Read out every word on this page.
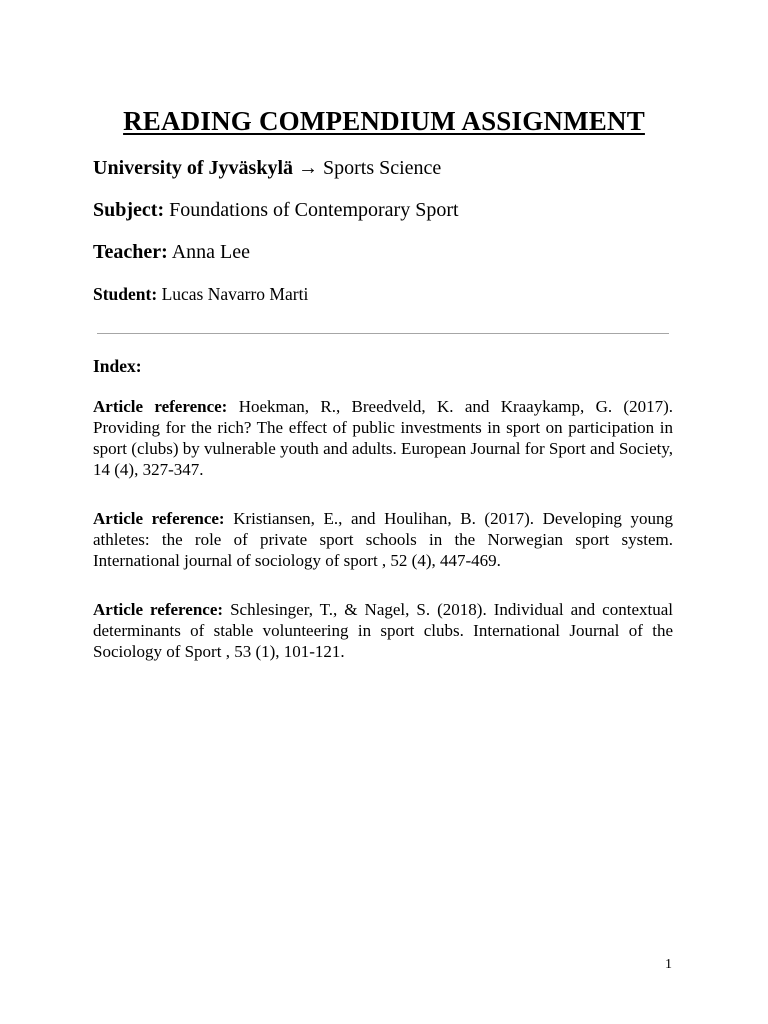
READING COMPENDIUM ASSIGNMENT
University of Jyväskylä → Sports Science
Subject: Foundations of Contemporary Sport
Teacher: Anna Lee
Student: Lucas Navarro Marti
Index:
Article reference: Hoekman, R., Breedveld, K. and Kraaykamp, G. (2017). Providing for the rich? The effect of public investments in sport on participation in sport (clubs) by vulnerable youth and adults. European Journal for Sport and Society, 14 (4), 327-347.
Article reference: Kristiansen, E., and Houlihan, B. (2017). Developing young athletes: the role of private sport schools in the Norwegian sport system. International journal of sociology of sport , 52 (4), 447-469.
Article reference: Schlesinger, T., & Nagel, S. (2018). Individual and contextual determinants of stable volunteering in sport clubs. International Journal of the Sociology of Sport , 53 (1), 101-121.
1
